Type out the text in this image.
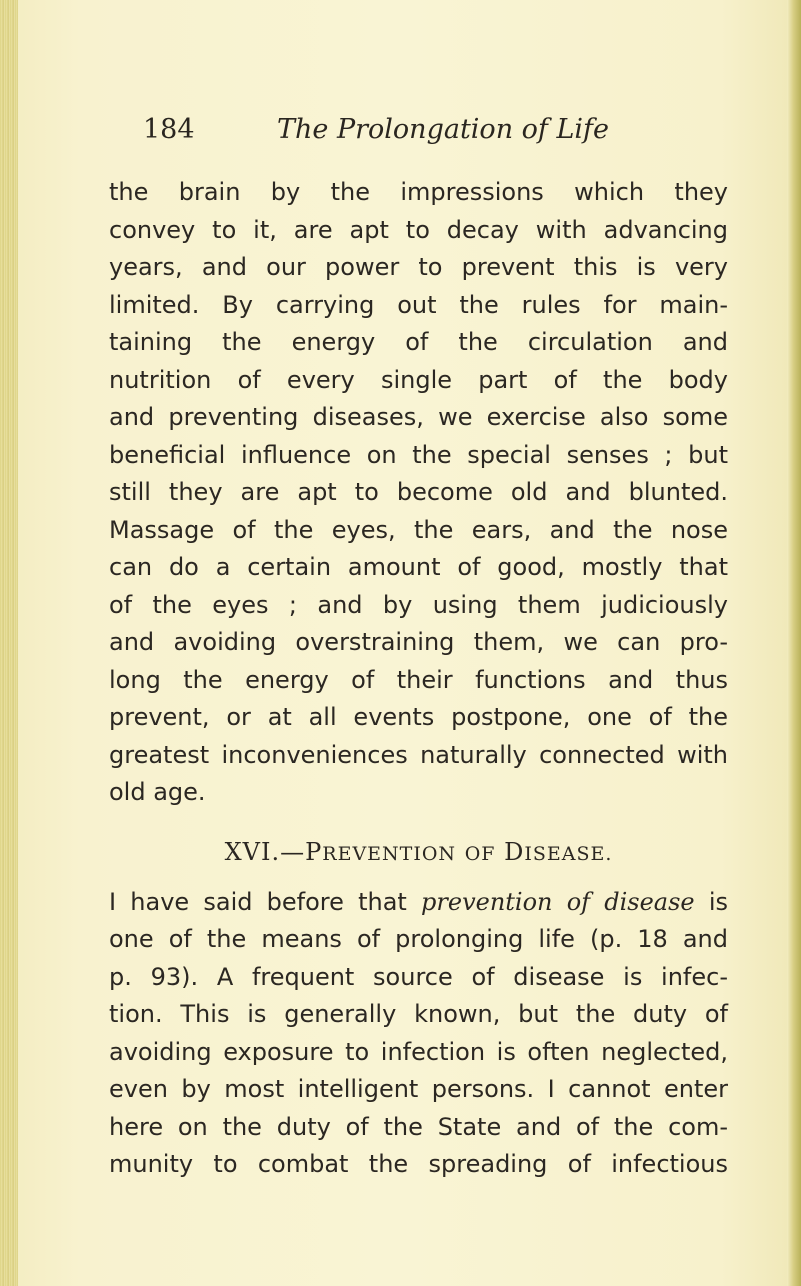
184	The Prolongation of Life
the brain by the impressions which they
convey to it, are apt to decay with advancing
years, and our power to prevent this is very
limited. By carrying out the rules for main-
taining the energy of the circulation and
nutrition of every single part of the body
and preventing diseases, we exercise also some
beneficial influence on the special senses ; but
still they are apt to become old and blunted.
Massage of the eyes, the ears, and the nose
can do a certain amount of good, mostly that
of the eyes ; and by using them judiciously
and avoiding overstraining them, we can pro-
long the energy of their functions and thus
prevent, or at all events postpone, one of the
greatest inconveniences naturally connected with
old age.
XVI.—PREVENTION OF DISEASE.
I have said before that prevention of disease is
one of the means of prolonging life (p. 18 and
p. 93). A frequent source of disease is infec-
tion. This is generally known, but the duty of
avoiding exposure to infection is often neglected,
even by most intelligent persons. I cannot enter
here on the duty of the State and of the com-
munity to combat the spreading of infectious
